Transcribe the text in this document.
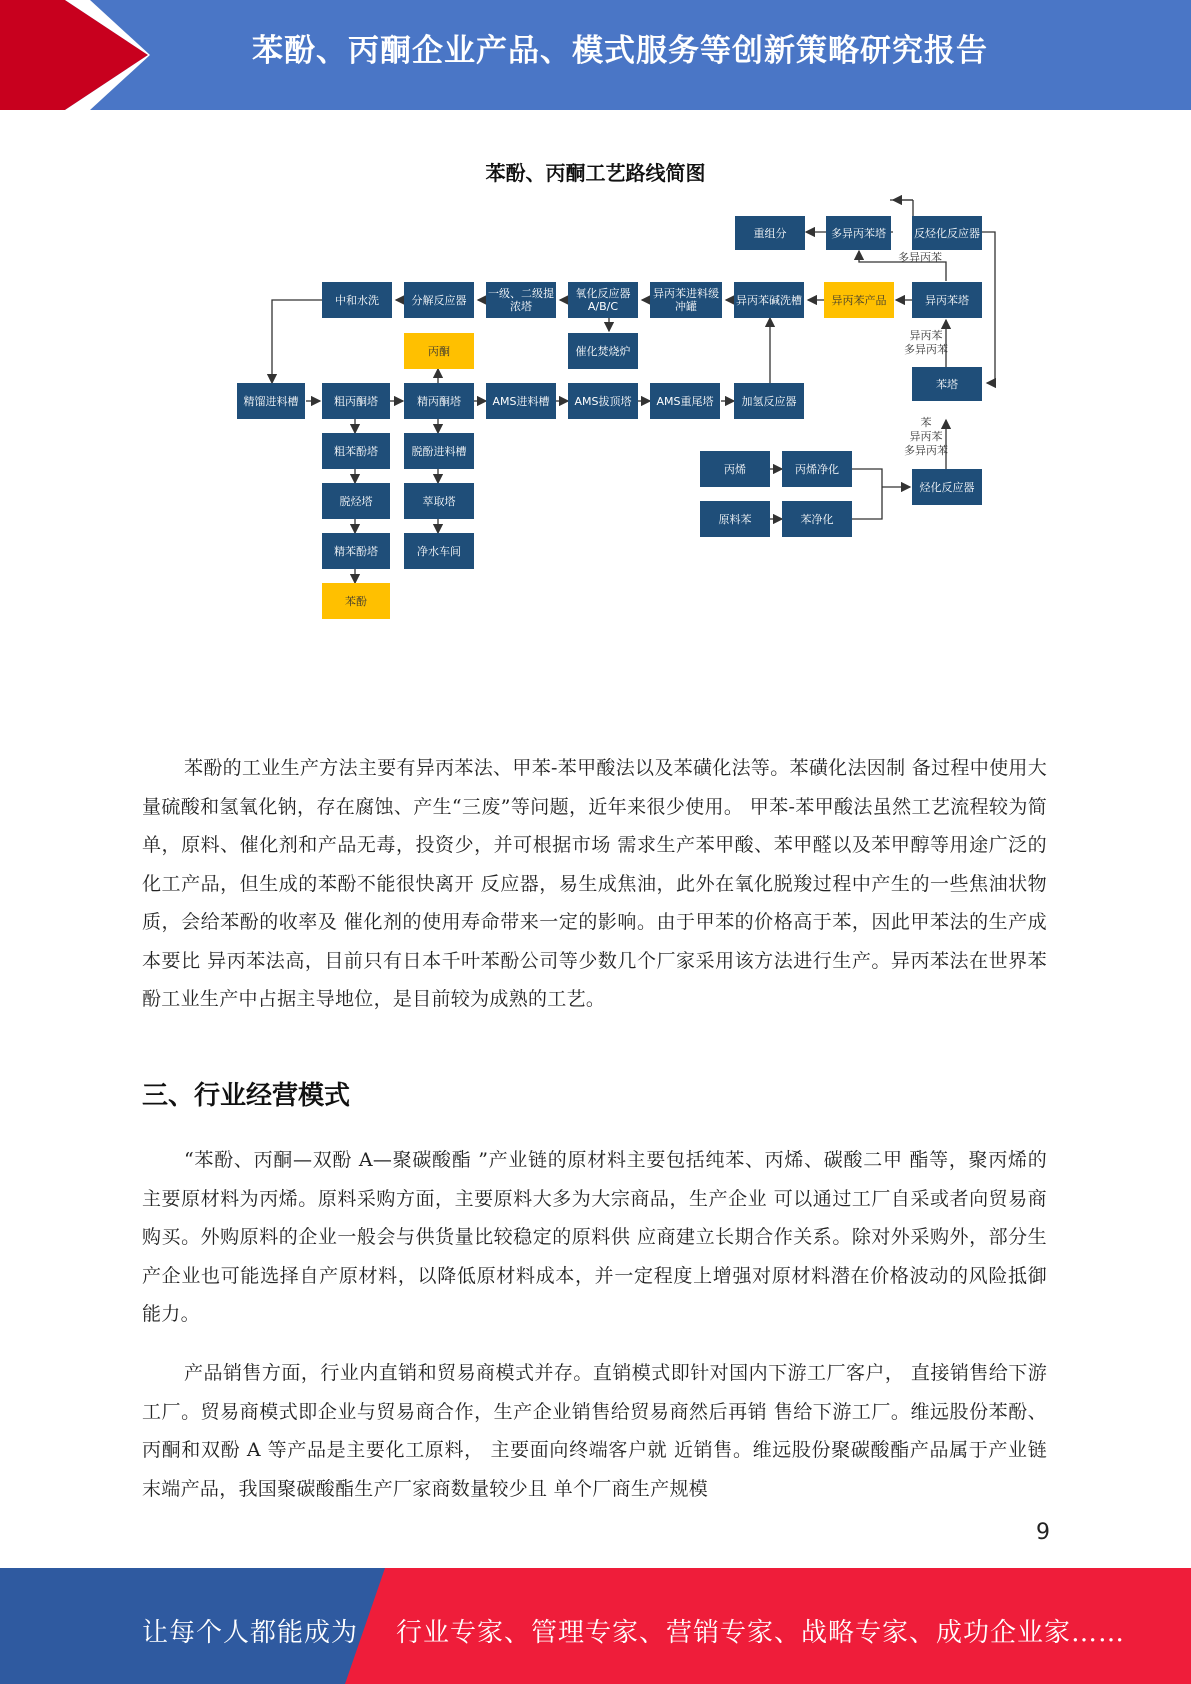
苯酚、丙酮企业产品、模式服务等创新策略研究报告
苯酚、丙酮工艺路线简图
重组分	多异丙苯塔	反烃化反应器
中和水洗	分解反应器	一级、二级提浓塔
氧化反应器A/B/C
异丙苯进料缓冲罐	异丙苯碱洗槽	异丙苯产品	异丙苯塔
催化焚烧炉
丙酮
精馏进料槽	粗丙酮塔	精丙酮塔	AMS进料槽	AMS拔顶塔	AMS重尾塔	加氢反应器
苯塔
粗苯酚塔	脱酚进料槽
脱烃塔	萃取塔
精苯酚塔	净水车间
苯酚
丙烯	丙烯净化
原料苯	苯净化
烃化反应器
多异丙苯
异丙苯
多异丙苯
苯
异丙苯
多异丙苯

苯酚的工业生产方法主要有异丙苯法、甲苯-苯甲酸法以及苯磺化法等。苯磺化法因制 备过程中使用大量硫酸和氢氧化钠，存在腐蚀、产生“三废”等问题，近年来很少使用。 甲苯-苯甲酸法虽然工艺流程较为简单，原料、催化剂和产品无毒，投资少，并可根据市场 需求生产苯甲酸、苯甲醛以及苯甲醇等用途广泛的化工产品，但生成的苯酚不能很快离开 反应器，易生成焦油，此外在氧化脱羧过程中产生的一些焦油状物质，会给苯酚的收率及 催化剂的使用寿命带来一定的影响。由于甲苯的价格高于苯，因此甲苯法的生产成本要比 异丙苯法高，目前只有日本千叶苯酚公司等少数几个厂家采用该方法进行生产。异丙苯法在世界苯酚工业生产中占据主导地位，是目前较为成熟的工艺。

三、行业经营模式

“苯酚、丙酮—双酚 A—聚碳酸酯 ”产业链的原材料主要包括纯苯、丙烯、碳酸二甲 酯等，聚丙烯的主要原材料为丙烯。原料采购方面，主要原料大多为大宗商品，生产企业 可以通过工厂自采或者向贸易商购买。外购原料的企业一般会与供货量比较稳定的原料供 应商建立长期合作关系。除对外采购外，部分生产企业也可能选择自产原材料，以降低原材料成本，并一定程度上增强对原材料潜在价格波动的风险抵御能力。

产品销售方面，行业内直销和贸易商模式并存。直销模式即针对国内下游工厂客户， 直接销售给下游工厂。贸易商模式即企业与贸易商合作，生产企业销售给贸易商然后再销 售给下游工厂。维远股份苯酚、丙酮和双酚 A 等产品是主要化工原料， 主要面向终端客户就 近销售。维远股份聚碳酸酯产品属于产业链末端产品，我国聚碳酸酯生产厂家商数量较少且 单个厂商生产规模

9
让每个人都能成为 行业专家、管理专家、营销专家、战略专家、成功企业家……
